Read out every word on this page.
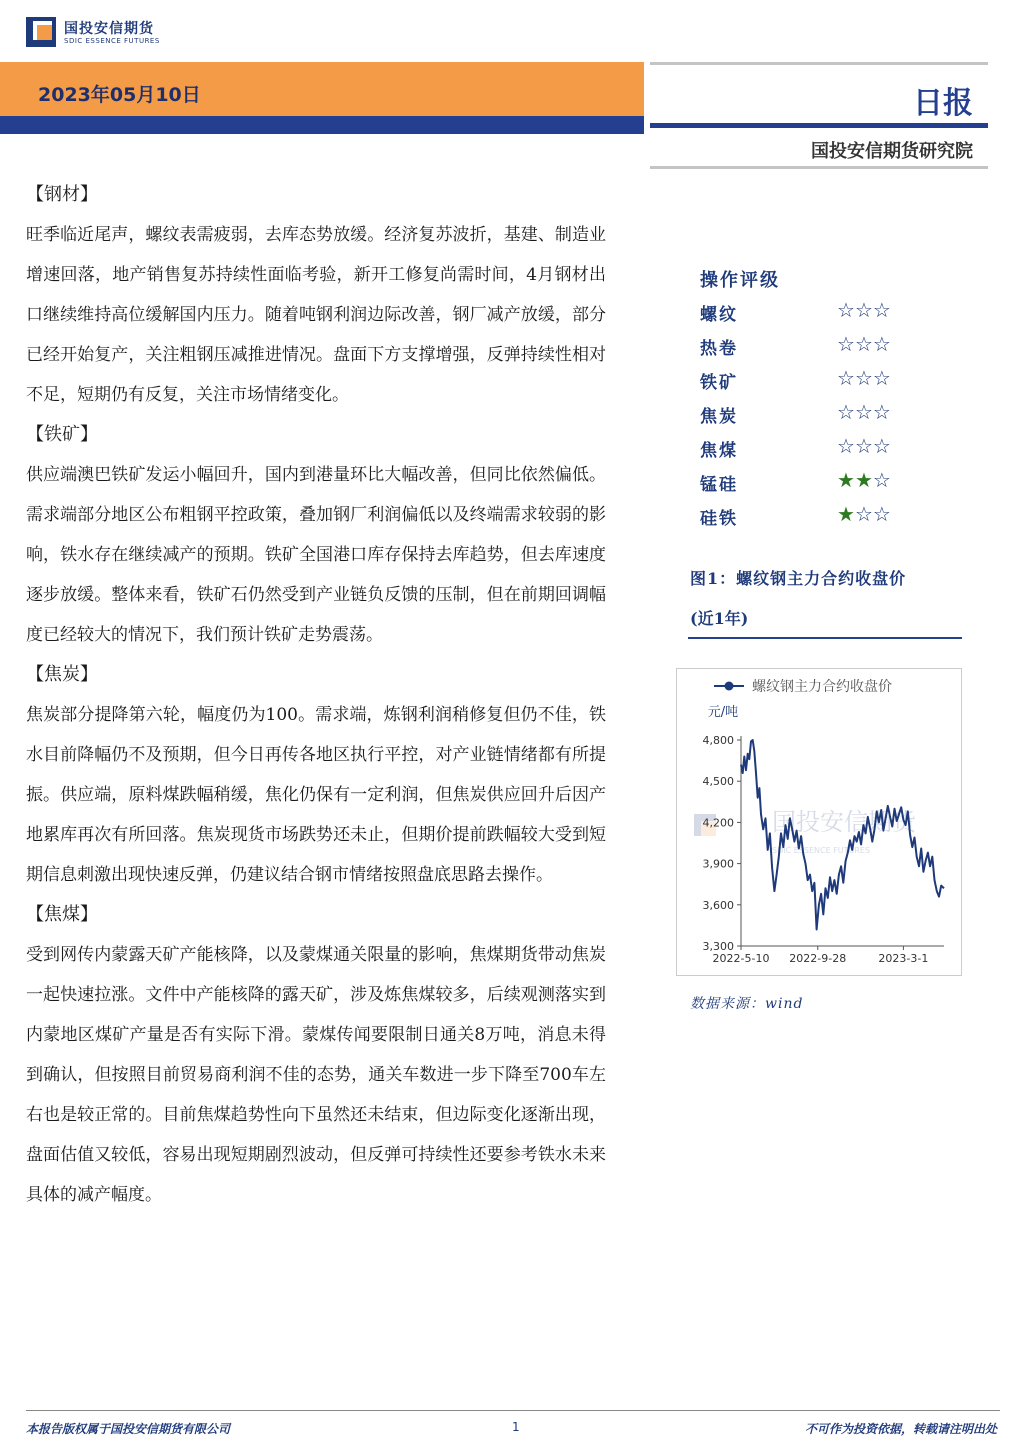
国投安信期货
SDIC ESSENCE FUTURES
2023年05月10日	日报
国投安信期货研究院
【钢材】

旺季临近尾声，螺纹表需疲弱，去库态势放缓。经济复苏波折，基建、制造业增速回落，地产销售复苏持续性面临考验，新开工修复尚需时间，4月钢材出口继续维持高位缓解国内压力。随着吨钢利润边际改善，钢厂减产放缓，部分已经开始复产，关注粗钢压减推进情况。盘面下方支撑增强，反弹持续性相对不足，短期仍有反复，关注市场情绪变化。

【铁矿】

供应端澳巴铁矿发运小幅回升，国内到港量环比大幅改善，但同比依然偏低。需求端部分地区公布粗钢平控政策，叠加钢厂利润偏低以及终端需求较弱的影响，铁水存在继续减产的预期。铁矿全国港口库存保持去库趋势，但去库速度逐步放缓。整体来看，铁矿石仍然受到产业链负反馈的压制，但在前期回调幅度已经较大的情况下，我们预计铁矿走势震荡。

【焦炭】

焦炭部分提降第六轮，幅度仍为100。需求端，炼钢利润稍修复但仍不佳，铁水目前降幅仍不及预期，但今日再传各地区执行平控，对产业链情绪都有所提振。供应端，原料煤跌幅稍缓，焦化仍保有一定利润，但焦炭供应回升后因产地累库再次有所回落。焦炭现货市场跌势还未止，但期价提前跌幅较大受到短期信息刺激出现快速反弹，仍建议结合钢市情绪按照盘底思路去操作。

【焦煤】

受到网传内蒙露天矿产能核降，以及蒙煤通关限量的影响，焦煤期货带动焦炭一起快速拉涨。文件中产能核降的露天矿，涉及炼焦煤较多，后续观测落实到内蒙地区煤矿产量是否有实际下滑。蒙煤传闻要限制日通关8万吨，消息未得到确认，但按照目前贸易商利润不佳的态势，通关车数进一步下降至700车左右也是较正常的。目前焦煤趋势性向下虽然还未结束，但边际变化逐渐出现，盘面估值又较低，容易出现短期剧烈波动，但反弹可持续性还要参考铁水未来具体的减产幅度。

操作评级
螺纹	☆☆☆
热卷	☆☆☆
铁矿	☆☆☆
焦炭	☆☆☆
焦煤	☆☆☆
锰硅	★★☆
硅铁	★☆☆
图1：螺纹钢主力合约收盘价
(近1年)
国投安信期货
SDIC ESSENCE FUTURES
螺纹钢主力合约收盘价
元/吨
3,300
3,600
3,900
4,200
4,500
4,800
2022-5-10 2022-9-28	2023-3-1
数据来源：wind
本报告版权属于国投安信期货有限公司	1	不可作为投资依据，转载请注明出处
